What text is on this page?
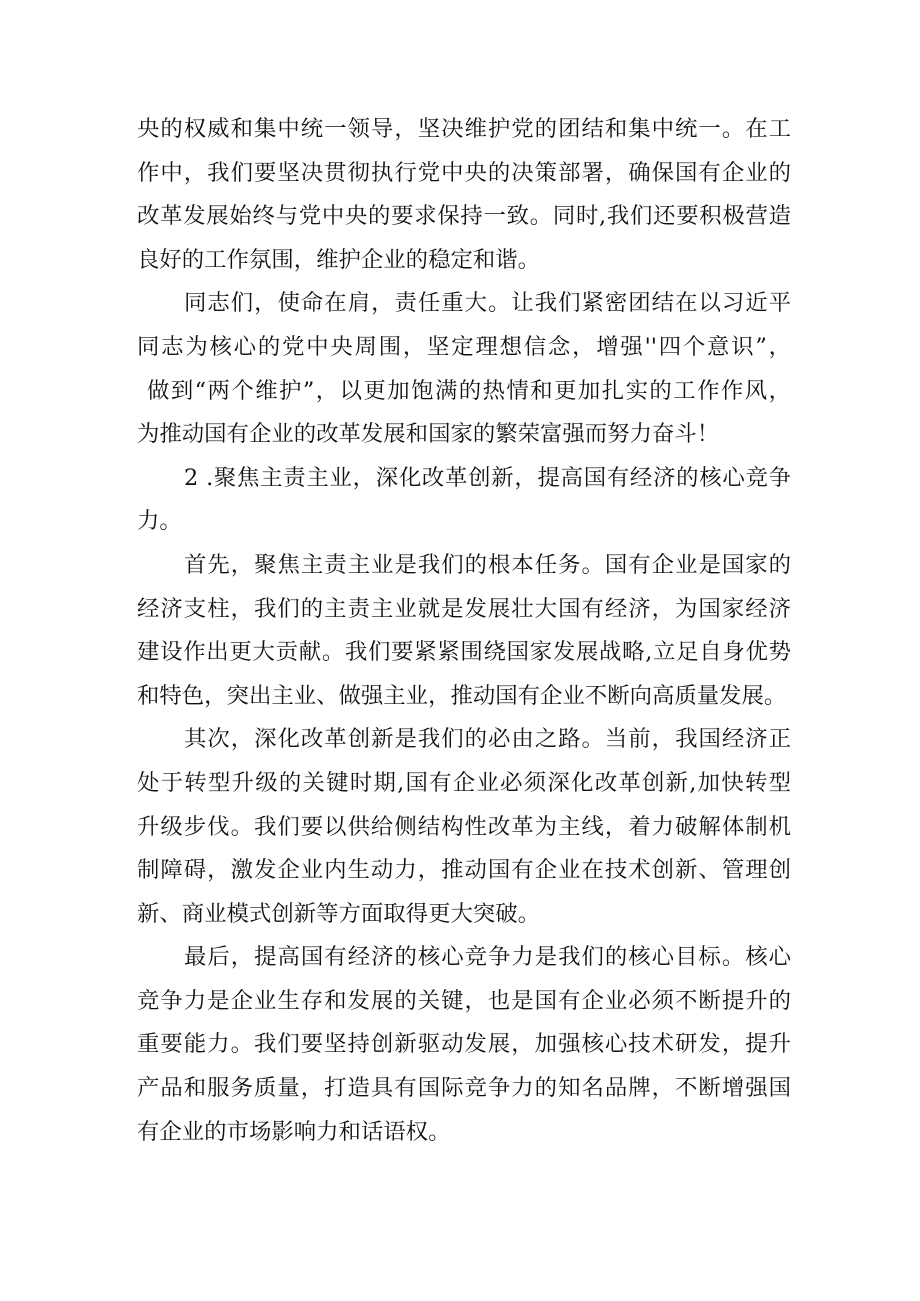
央的权威和集中统一领导，坚决维护党的团结和集中统一。在工
作中，我们要坚决贯彻执行党中央的决策部署，确保国有企业的
改革发展始终与党中央的要求保持一致。同时,我们还要积极营造
良好的工作氛围，维护企业的稳定和谐。
同志们，使命在肩，责任重大。让我们紧密团结在以习近平
同志为核心的党中央周围，坚定理想信念，增强''四个意识”，
做到“两个维护”，以更加饱满的热情和更加扎实的工作作风，
为推动国有企业的改革发展和国家的繁荣富强而努力奋斗！
2 .聚焦主责主业，深化改革创新，提高国有经济的核心竞争
力。
首先，聚焦主责主业是我们的根本任务。国有企业是国家的
经济支柱，我们的主责主业就是发展壮大国有经济，为国家经济
建设作出更大贡献。我们要紧紧围绕国家发展战略,立足自身优势
和特色，突出主业、做强主业，推动国有企业不断向高质量发展。
其次，深化改革创新是我们的必由之路。当前，我国经济正
处于转型升级的关键时期,国有企业必须深化改革创新,加快转型
升级步伐。我们要以供给侧结构性改革为主线，着力破解体制机
制障碍，激发企业内生动力，推动国有企业在技术创新、管理创
新、商业模式创新等方面取得更大突破。
最后，提高国有经济的核心竞争力是我们的核心目标。核心
竞争力是企业生存和发展的关键，也是国有企业必须不断提升的
重要能力。我们要坚持创新驱动发展，加强核心技术研发，提升
产品和服务质量，打造具有国际竞争力的知名品牌，不断增强国
有企业的市场影响力和话语权。
